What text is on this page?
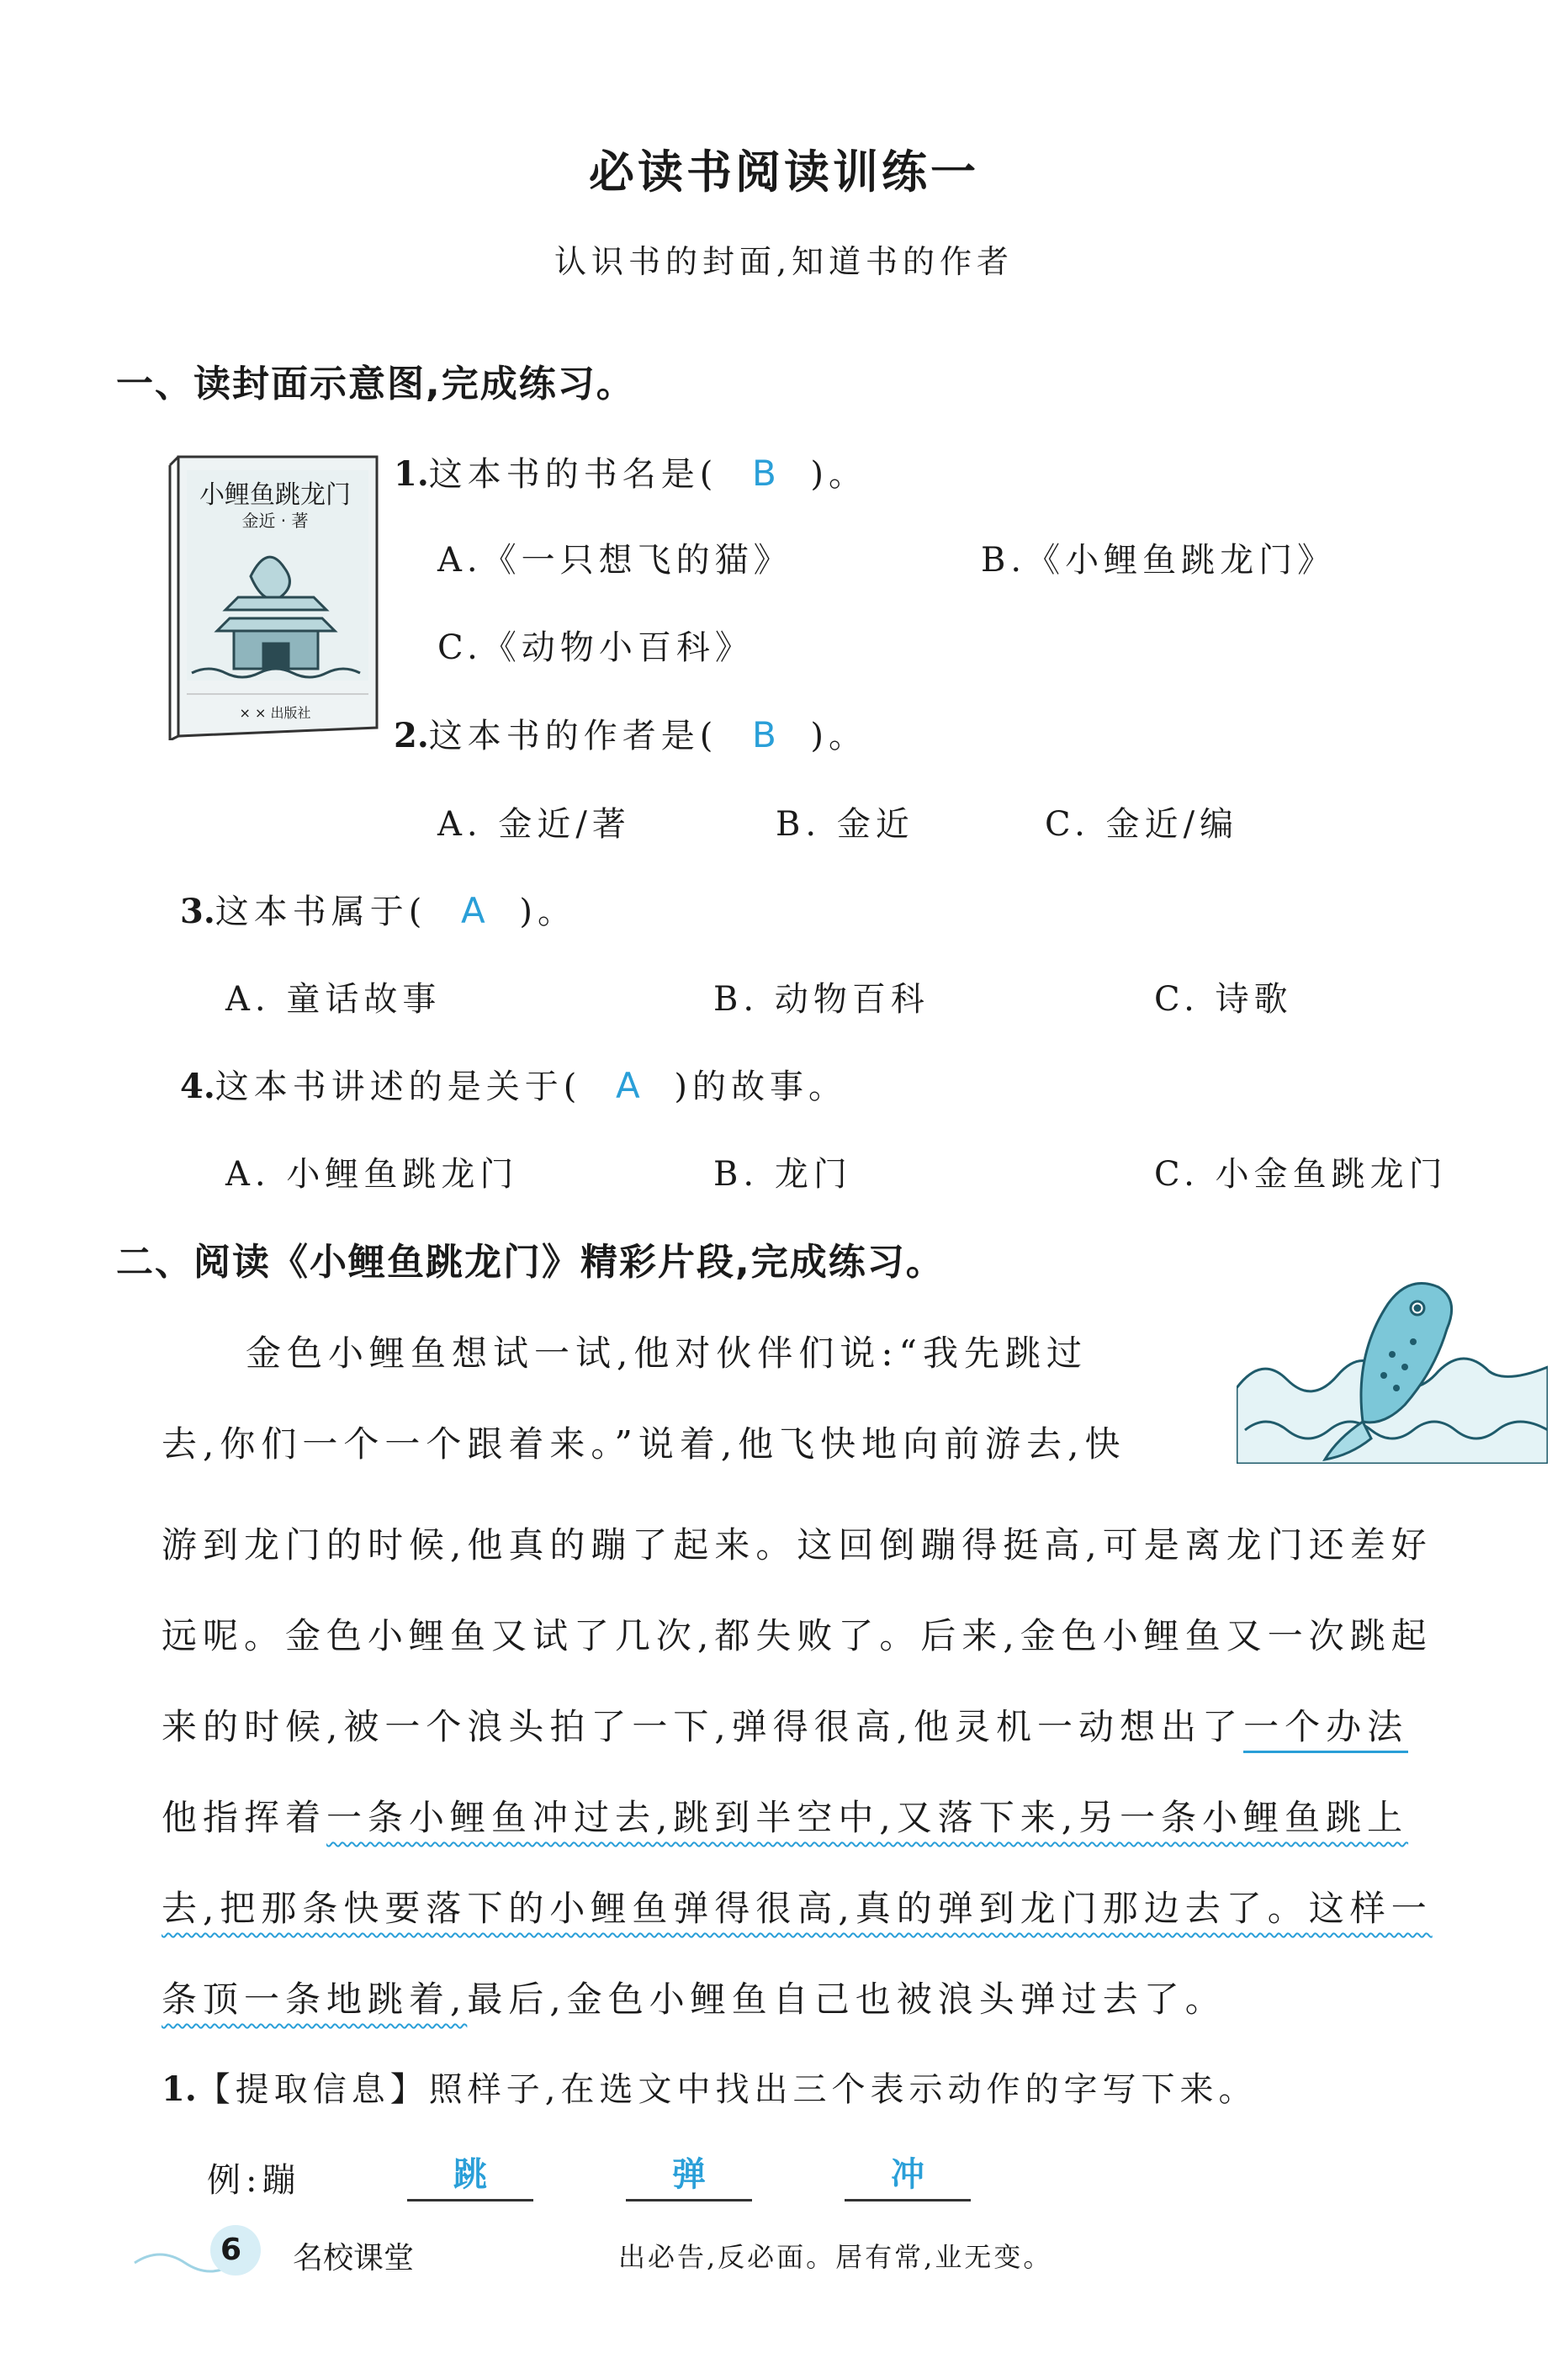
必读书阅读训练一
认识书的封面,知道书的作者
一、读封面示意图,完成练习。
小鲤鱼跳龙门
金近 · 著
× × 出版社
1.这本书的书名是( B )。
A.《一只想飞的猫》	B.《小鲤鱼跳龙门》
C.《动物小百科》
2.这本书的作者是( B )。
A. 金近/著	B. 金近	C. 金近/编
3.这本书属于( A )。
A. 童话故事	B. 动物百科	C. 诗歌
4.这本书讲述的是关于( A )的故事。
A. 小鲤鱼跳龙门	B. 龙门	C. 小金鱼跳龙门
二、阅读《小鲤鱼跳龙门》精彩片段,完成练习。
金色小鲤鱼想试一试,他对伙伴们说:“我先跳过
去,你们一个一个跟着来。”说着,他飞快地向前游去,快
游到龙门的时候,他真的蹦了起来。这回倒蹦得挺高,可是离龙门还差好
远呢。金色小鲤鱼又试了几次,都失败了。后来,金色小鲤鱼又一次跳起
来的时候,被一个浪头拍了一下,弹得很高,他灵机一动想出了一个办法
他指挥着一条小鲤鱼冲过去,跳到半空中,又落下来,另一条小鲤鱼跳上
去,把那条快要落下的小鲤鱼弹得很高,真的弹到龙门那边去了。这样一
条顶一条地跳着,最后,金色小鲤鱼自己也被浪头弹过去了。
1.【提取信息】照样子,在选文中找出三个表示动作的字写下来。
例:蹦	跳	弹	冲
6 名校课堂	出必告,反必面。居有常,业无变。
